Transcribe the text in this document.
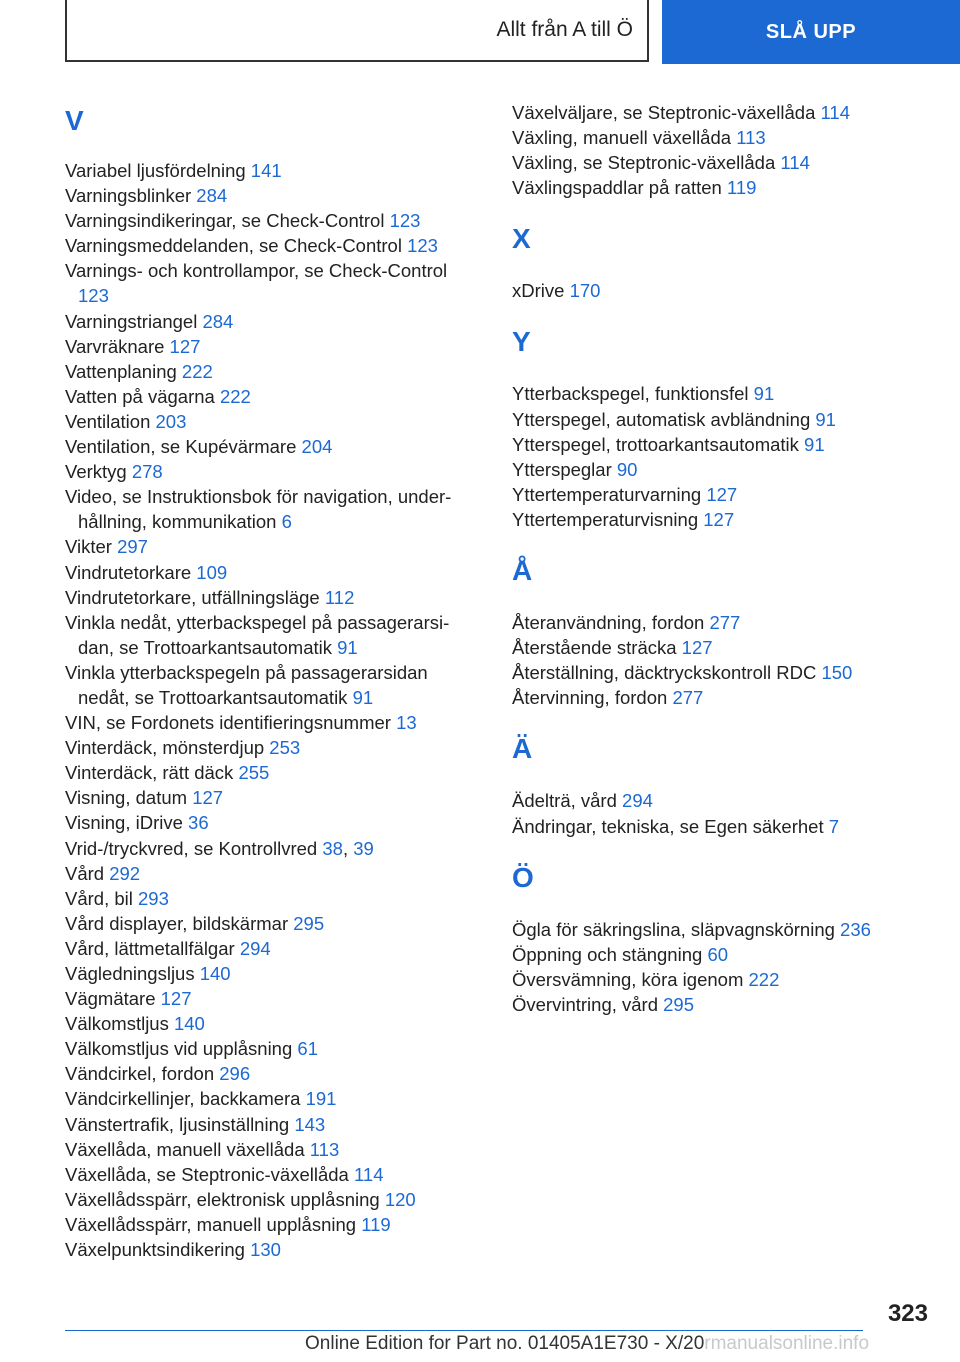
Allt från A till Ö	SLÅ UPP
V
Variabel ljusfördelning 141
Varningsblinker 284
Varningsindikeringar, se Check-Control 123
Varningsmeddelanden, se Check-Control 123
Varnings- och kontrollampor, se Check-Control 123
Varningstriangel 284
Varvräknare 127
Vattenplaning 222
Vatten på vägarna 222
Ventilation 203
Ventilation, se Kupévärmare 204
Verktyg 278
Video, se Instruktionsbok för navigation, underhållning, kommunikation 6
Vikter 297
Vindrutetorkare 109
Vindrutetorkare, utfällningsläge 112
Vinkla nedåt, ytterbackspegel på passagerarsidan, se Trottoarkantsautomatik 91
Vinkla ytterbackspegeln på passagerarsidan nedåt, se Trottoarkantsautomatik 91
VIN, se Fordonets identifieringsnummer 13
Vinterdäck, mönsterdjup 253
Vinterdäck, rätt däck 255
Visning, datum 127
Visning, iDrive 36
Vrid-/tryckvred, se Kontrollvred 38, 39
Vård 292
Vård, bil 293
Vård displayer, bildskärmar 295
Vård, lättmetallfälgar 294
Vägledningsljus 140
Vägmätare 127
Välkomstljus 140
Välkomstljus vid upplåsning 61
Vändcirkel, fordon 296
Vändcirkellinjer, backkamera 191
Vänstertrafik, ljusinställning 143
Växellåda, manuell växellåda 113
Växellåda, se Steptronic-växellåda 114
Växellådsspärr, elektronisk upplåsning 120
Växellådsspärr, manuell upplåsning 119
Växelpunktsindikering 130
Växelväljare, se Steptronic-växellåda 114
Växling, manuell växellåda 113
Växling, se Steptronic-växellåda 114
Växlingspaddlar på ratten 119
X
xDrive 170
Y
Ytterbackspegel, funktionsfel 91
Ytterspegel, automatisk avbländning 91
Ytterspegel, trottoarkantsautomatik 91
Ytterspeglar 90
Yttertemperaturvarning 127
Yttertemperaturvisning 127
Å
Återanvändning, fordon 277
Återstående sträcka 127
Återställning, däcktryckskontroll RDC 150
Återvinning, fordon 277
Ä
Ädelträ, vård 294
Ändringar, tekniska, se Egen säkerhet 7
Ö
Ögla för säkringslina, släpvagnskörning 236
Öppning och stängning 60
Översvämning, köra igenom 222
Övervintring, vård 295
323
Online Edition for Part no. 01405A1E730 - X/20rmanualsonline.info
